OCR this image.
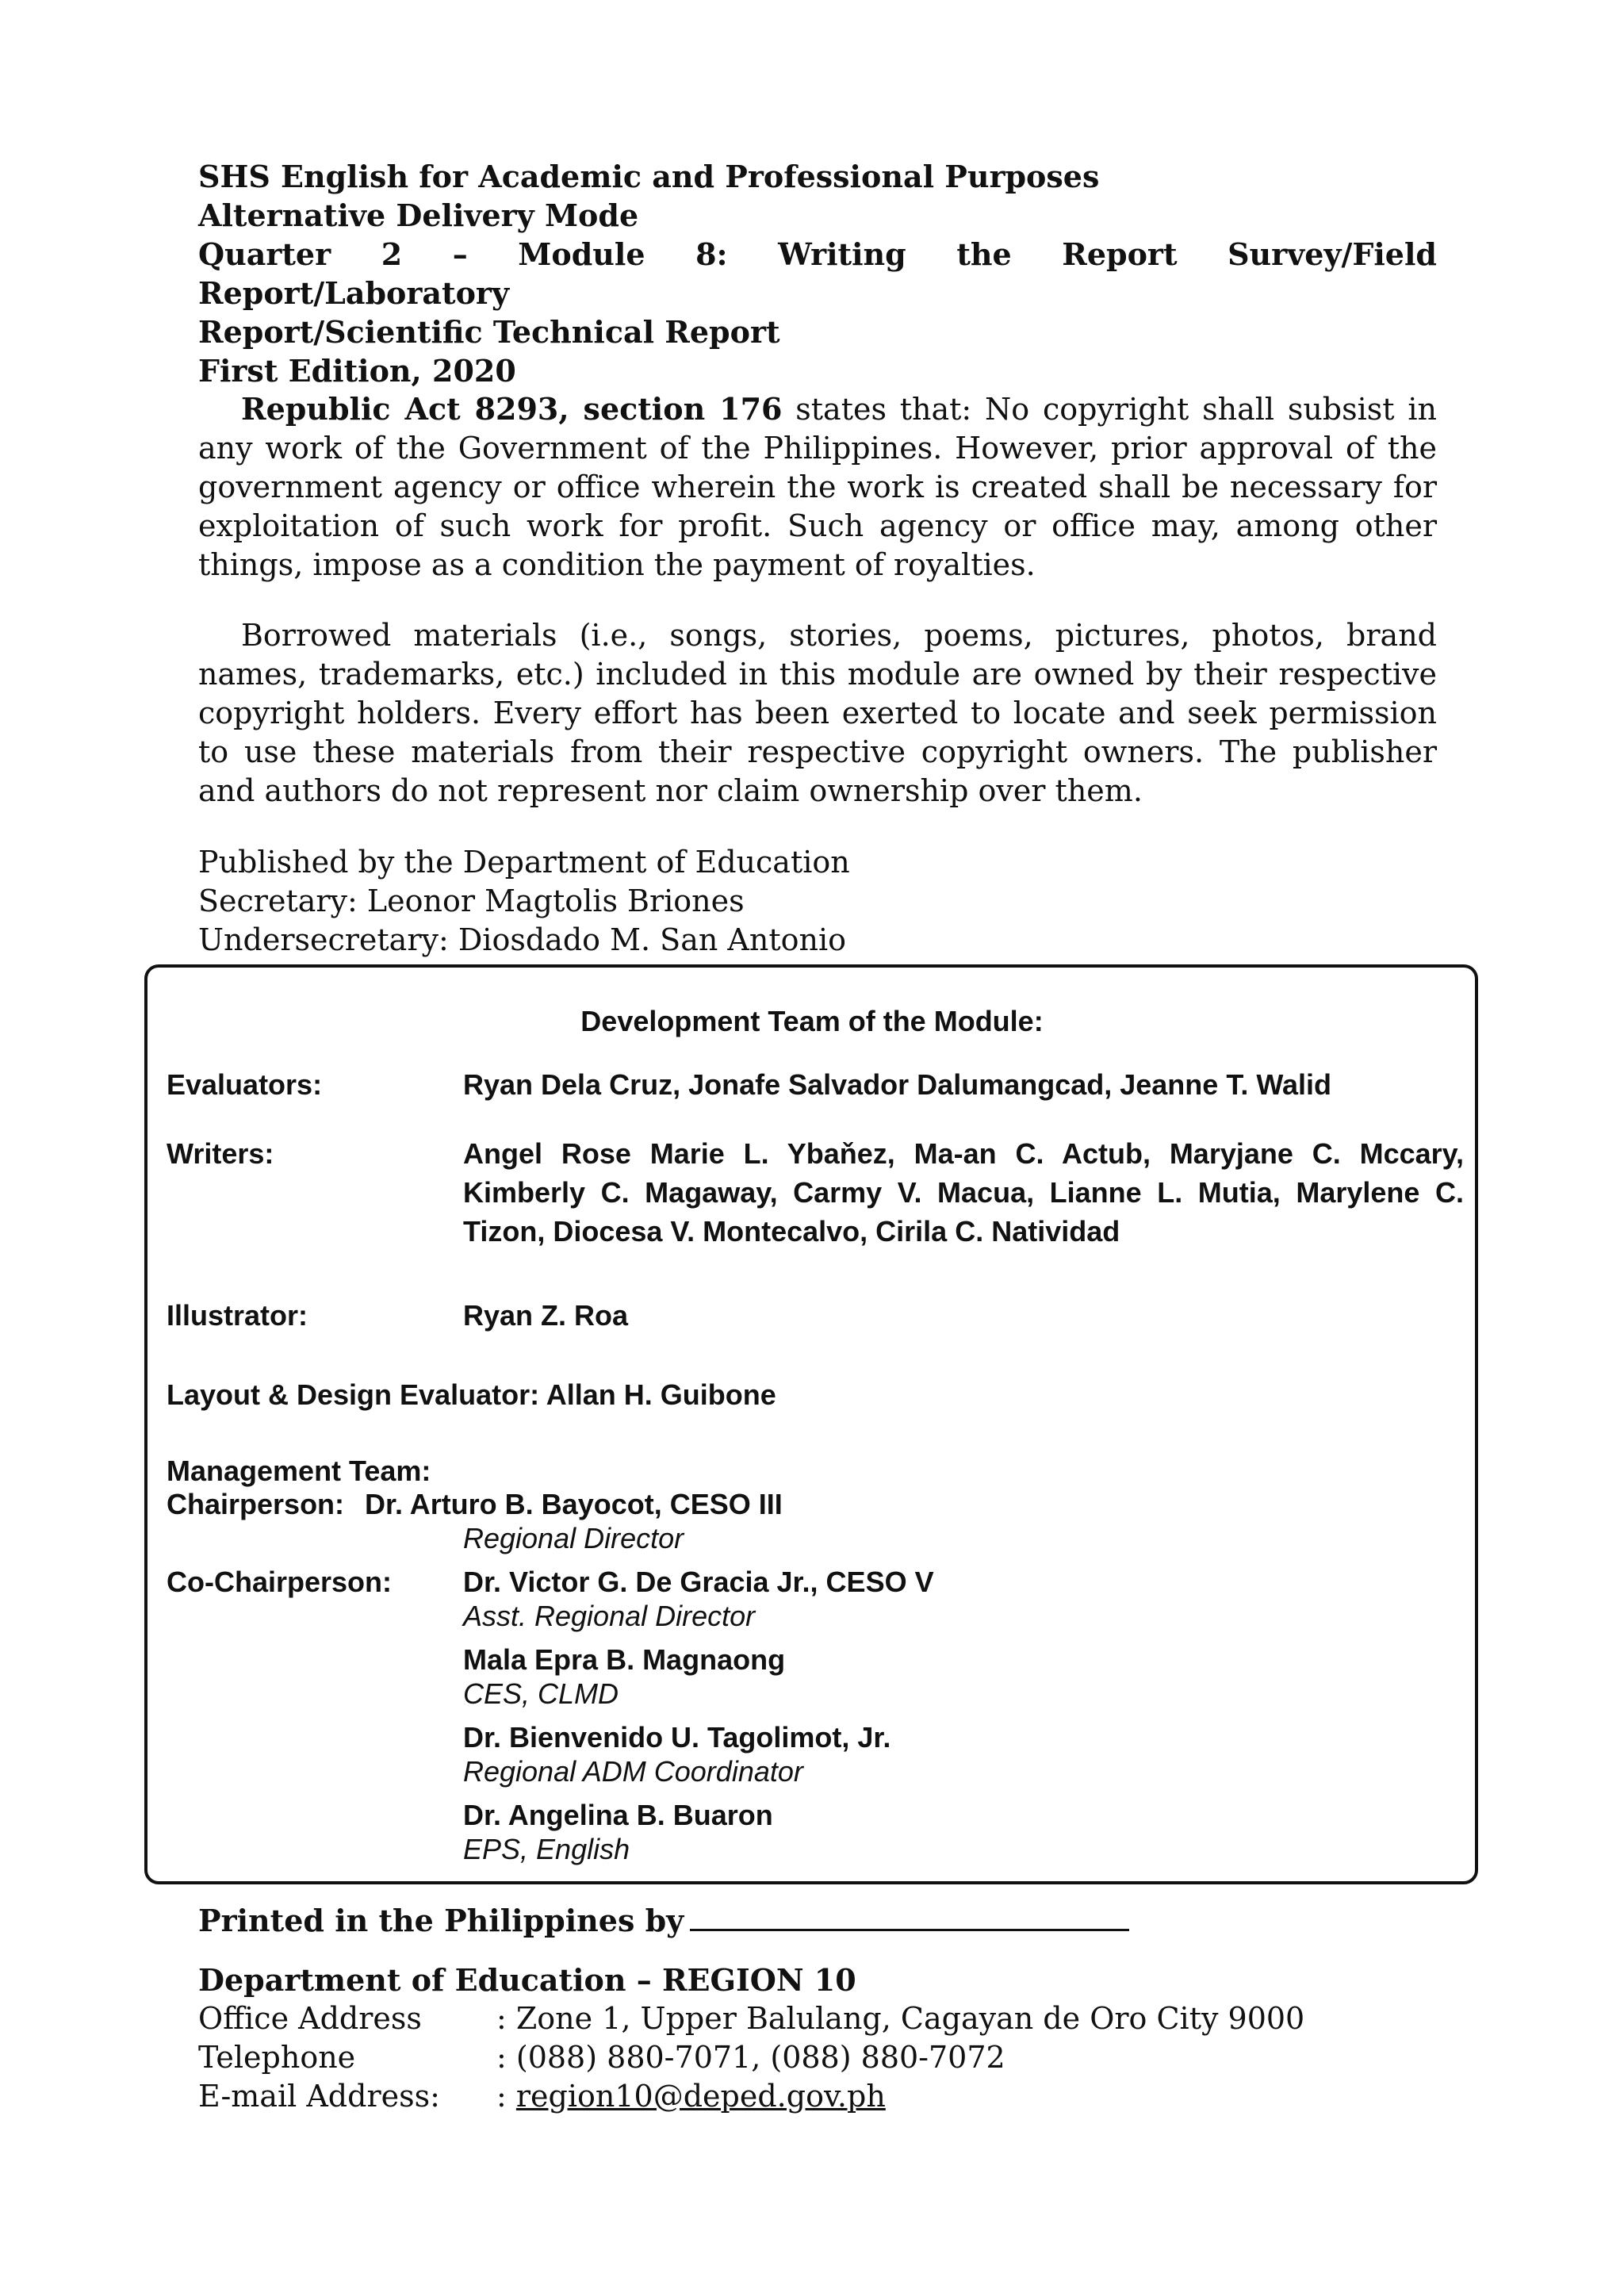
SHS English for Academic and Professional Purposes
Alternative Delivery Mode
Quarter 2 – Module 8: Writing the Report Survey/Field Report/Laboratory
Report/Scientific Technical Report
First Edition, 2020
Republic Act 8293, section 176 states that: No copyright shall subsist in any work of the Government of the Philippines. However, prior approval of the government agency or office wherein the work is created shall be necessary for exploitation of such work for profit. Such agency or office may, among other things, impose as a condition the payment of royalties.
Borrowed materials (i.e., songs, stories, poems, pictures, photos, brand names, trademarks, etc.) included in this module are owned by their respective copyright holders. Every effort has been exerted to locate and seek permission to use these materials from their respective copyright owners. The publisher and authors do not represent nor claim ownership over them.
Published by the Department of Education
Secretary: Leonor Magtolis Briones
Undersecretary: Diosdado M. San Antonio
Development Team of the Module:
Evaluators:	Ryan Dela Cruz, Jonafe Salvador Dalumangcad, Jeanne T. Walid
Writers:	Angel Rose Marie L. Ybaňez, Ma-an C. Actub, Maryjane C. Mccary, Kimberly C. Magaway, Carmy V. Macua, Lianne L. Mutia, Marylene C. Tizon, Diocesa V. Montecalvo, Cirila C. Natividad
Illustrator:	Ryan Z. Roa
Layout & Design Evaluator: Allan H. Guibone
Management Team:
Chairperson: Dr. Arturo B. Bayocot, CESO III
Regional Director
Co-Chairperson: Dr. Victor G. De Gracia Jr., CESO V
Asst. Regional Director
Mala Epra B. Magnaong
CES, CLMD
Dr. Bienvenido U. Tagolimot, Jr.
Regional ADM Coordinator
Dr. Angelina B. Buaron
EPS, English
Printed in the Philippines by
Department of Education – REGION 10
Office Address : Zone 1, Upper Balulang, Cagayan de Oro City 9000
Telephone	: (088) 880-7071, (088) 880-7072
E-mail Address: : region10@deped.gov.ph
